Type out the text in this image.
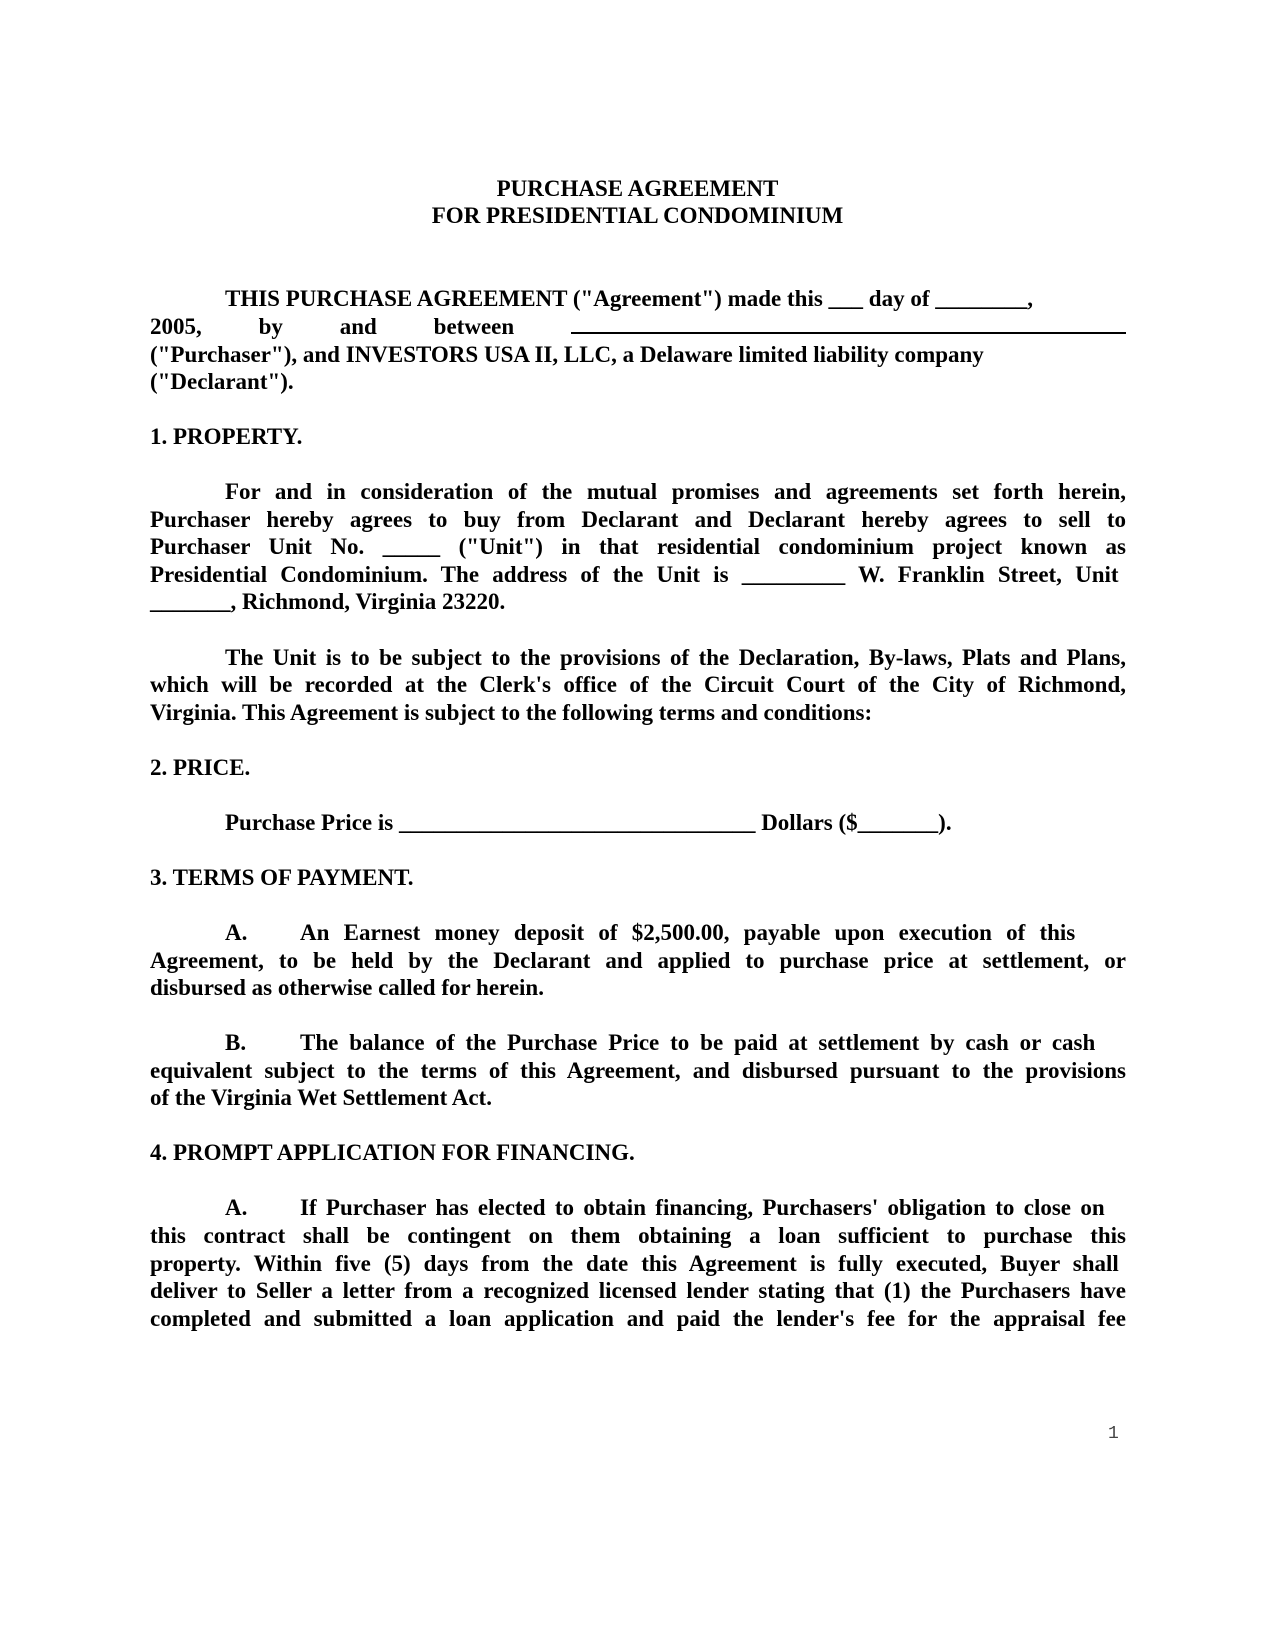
PURCHASE AGREEMENT
FOR PRESIDENTIAL CONDOMINIUM
THIS PURCHASE AGREEMENT ("Agreement") made this ___ day of ________,
2005, by and between
("Purchaser"), and INVESTORS USA II, LLC, a Delaware limited liability company
("Declarant").
1. PROPERTY.
For and in consideration of the mutual promises and agreements set forth herein,
Purchaser hereby agrees to buy from Declarant and Declarant hereby agrees to sell to
Purchaser Unit No. _____ ("Unit") in that residential condominium project known as
Presidential Condominium. The address of the Unit is _________ W. Franklin Street, Unit
_______, Richmond, Virginia 23220.
The Unit is to be subject to the provisions of the Declaration, By-laws, Plats and Plans,
which will be recorded at the Clerk's office of the Circuit Court of the City of Richmond,
Virginia. This Agreement is subject to the following terms and conditions:
2. PRICE.
Purchase Price is _______________________________ Dollars ($_______).
3. TERMS OF PAYMENT.
A. An Earnest money deposit of $2,500.00, payable upon execution of this
Agreement, to be held by the Declarant and applied to purchase price at settlement, or
disbursed as otherwise called for herein.
B. The balance of the Purchase Price to be paid at settlement by cash or cash
equivalent subject to the terms of this Agreement, and disbursed pursuant to the provisions
of the Virginia Wet Settlement Act.
4. PROMPT APPLICATION FOR FINANCING.
A. If Purchaser has elected to obtain financing, Purchasers' obligation to close on
this contract shall be contingent on them obtaining a loan sufficient to purchase this
property. Within five (5) days from the date this Agreement is fully executed, Buyer shall
deliver to Seller a letter from a recognized licensed lender stating that (1) the Purchasers have
completed and submitted a loan application and paid the lender's fee for the appraisal fee
1
